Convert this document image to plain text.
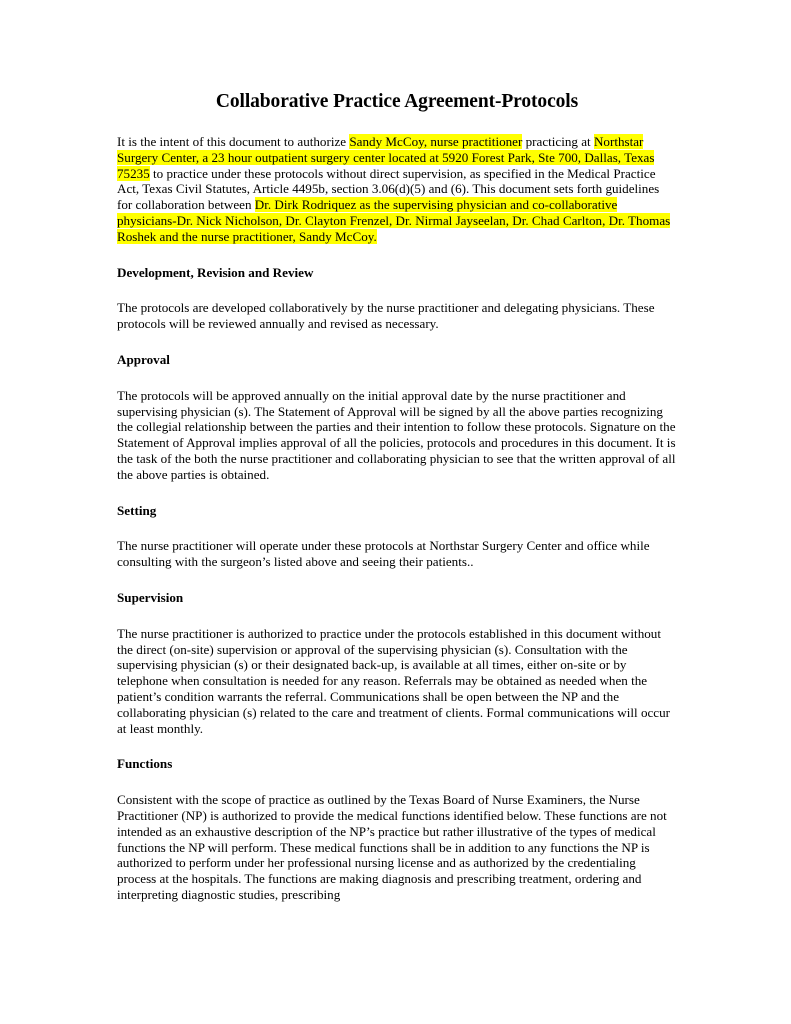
Collaborative Practice Agreement-Protocols

It is the intent of this document to authorize Sandy McCoy, nurse practitioner practicing at Northstar Surgery Center, a 23 hour outpatient surgery center located at 5920 Forest Park, Ste 700, Dallas, Texas 75235 to practice under these protocols without direct supervision, as specified in the Medical Practice Act, Texas Civil Statutes, Article 4495b, section 3.06(d)(5) and (6). This document sets forth guidelines for collaboration between Dr. Dirk Rodriquez as the supervising physician and co-collaborative physicians-Dr. Nick Nicholson, Dr. Clayton Frenzel, Dr. Nirmal Jayseelan, Dr. Chad Carlton, Dr. Thomas Roshek and the nurse practitioner, Sandy McCoy.

Development, Revision and Review

The protocols are developed collaboratively by the nurse practitioner and delegating physicians. These protocols will be reviewed annually and revised as necessary.

Approval

The protocols will be approved annually on the initial approval date by the nurse practitioner and supervising physician (s). The Statement of Approval will be signed by all the above parties recognizing the collegial relationship between the parties and their intention to follow these protocols. Signature on the Statement of Approval implies approval of all the policies, protocols and procedures in this document. It is the task of the both the nurse practitioner and collaborating physician to see that the written approval of all the above parties is obtained.

Setting

The nurse practitioner will operate under these protocols at Northstar Surgery Center and office while consulting with the surgeon’s listed above and seeing their patients..

Supervision

The nurse practitioner is authorized to practice under the protocols established in this document without the direct (on-site) supervision or approval of the supervising physician (s). Consultation with the supervising physician (s) or their designated back-up, is available at all times, either on-site or by telephone when consultation is needed for any reason. Referrals may be obtained as needed when the patient’s condition warrants the referral. Communications shall be open between the NP and the collaborating physician (s) related to the care and treatment of clients. Formal communications will occur at least monthly.

Functions

Consistent with the scope of practice as outlined by the Texas Board of Nurse Examiners, the Nurse Practitioner (NP) is authorized to provide the medical functions identified below. These functions are not intended as an exhaustive description of the NP’s practice but rather illustrative of the types of medical functions the NP will perform. These medical functions shall be in addition to any functions the NP is authorized to perform under her professional nursing license and as authorized by the credentialing process at the hospitals. The functions are making diagnosis and prescribing treatment, ordering and interpreting diagnostic studies, prescribing
